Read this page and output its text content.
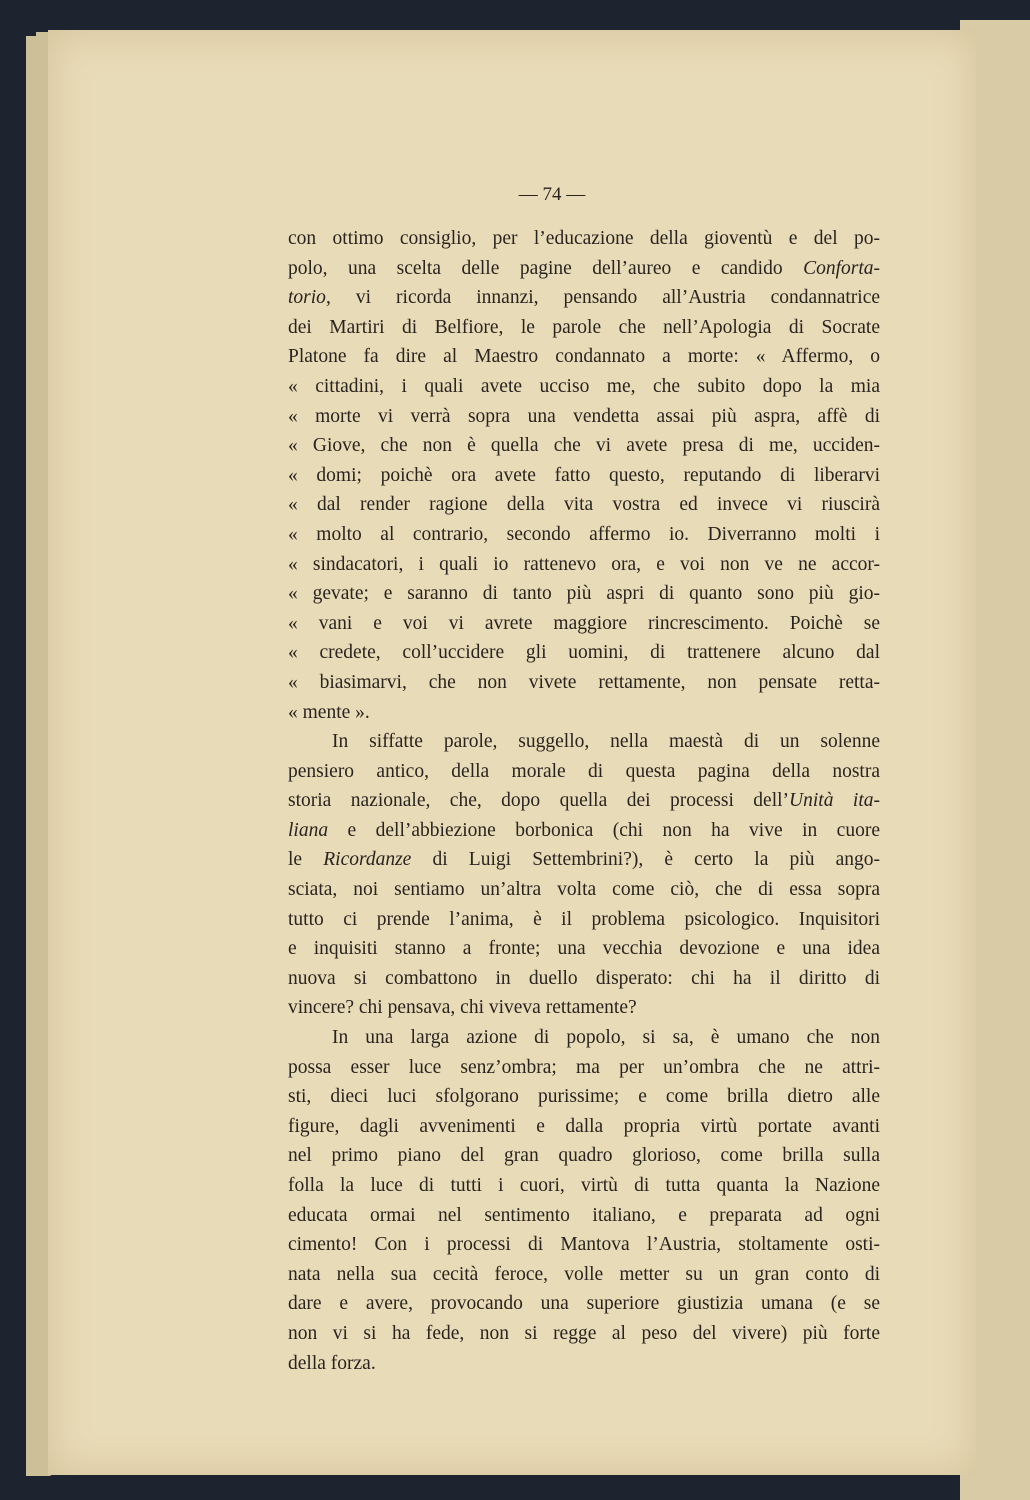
— 74 —
con ottimo consiglio, per l’educazione della gioventù e del po-
polo, una scelta delle pagine dell’aureo e candido Conforta-
torio, vi ricorda innanzi, pensando all’Austria condannatrice
dei Martiri di Belfiore, le parole che nell’Apologia di Socrate
Platone fa dire al Maestro condannato a morte: « Affermo, o
« cittadini, i quali avete ucciso me, che subito dopo la mia
« morte vi verrà sopra una vendetta assai più aspra, affè di
« Giove, che non è quella che vi avete presa di me, ucciden-
« domi; poichè ora avete fatto questo, reputando di liberarvi
« dal render ragione della vita vostra ed invece vi riuscirà
« molto al contrario, secondo affermo io. Diverranno molti i
« sindacatori, i quali io rattenevo ora, e voi non ve ne accor-
« gevate; e saranno di tanto più aspri di quanto sono più gio-
« vani e voi vi avrete maggiore rincrescimento. Poichè se
« credete, coll’uccidere gli uomini, di trattenere alcuno dal
« biasimarvi, che non vivete rettamente, non pensate retta-
« mente ».
In siffatte parole, suggello, nella maestà di un solenne
pensiero antico, della morale di questa pagina della nostra
storia nazionale, che, dopo quella dei processi dell’Unità ita-
liana e dell’abbiezione borbonica (chi non ha vive in cuore
le Ricordanze di Luigi Settembrini?), è certo la più ango-
sciata, noi sentiamo un’altra volta come ciò, che di essa sopra
tutto ci prende l’anima, è il problema psicologico. Inquisitori
e inquisiti stanno a fronte; una vecchia devozione e una idea
nuova si combattono in duello disperato: chi ha il diritto di
vincere? chi pensava, chi viveva rettamente?
In una larga azione di popolo, si sa, è umano che non
possa esser luce senz’ombra; ma per un’ombra che ne attri-
sti, dieci luci sfolgorano purissime; e come brilla dietro alle
figure, dagli avvenimenti e dalla propria virtù portate avanti
nel primo piano del gran quadro glorioso, come brilla sulla
folla la luce di tutti i cuori, virtù di tutta quanta la Nazione
educata ormai nel sentimento italiano, e preparata ad ogni
cimento! Con i processi di Mantova l’Austria, stoltamente osti-
nata nella sua cecità feroce, volle metter su un gran conto di
dare e avere, provocando una superiore giustizia umana (e se
non vi si ha fede, non si regge al peso del vivere) più forte
della forza.
